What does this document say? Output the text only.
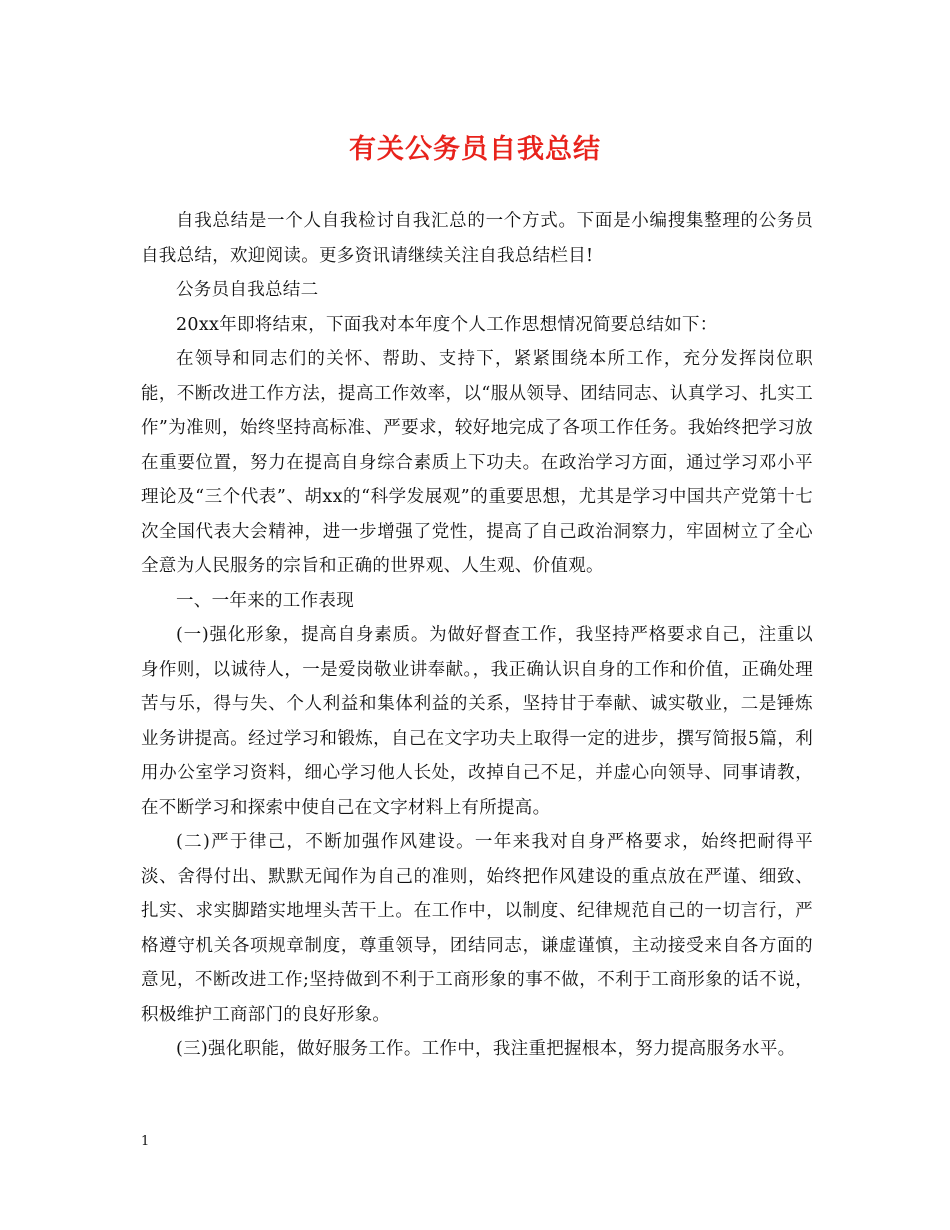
有关公务员自我总结

自我总结是一个人自我检讨自我汇总的一个方式。下面是小编搜集整理的公务员自我总结，欢迎阅读。更多资讯请继续关注自我总结栏目!

公务员自我总结二

20xx年即将结束，下面我对本年度个人工作思想情况简要总结如下：

在领导和同志们的关怀、帮助、支持下，紧紧围绕本所工作，充分发挥岗位职能，不断改进工作方法，提高工作效率，以“服从领导、团结同志、认真学习、扎实工作”为准则，始终坚持高标准、严要求，较好地完成了各项工作任务。我始终把学习放在重要位置，努力在提高自身综合素质上下功夫。在政治学习方面，通过学习邓小平理论及“三个代表”、胡xx的“科学发展观”的重要思想，尤其是学习中国共产党第十七次全国代表大会精神，进一步增强了党性，提高了自己政治洞察力，牢固树立了全心全意为人民服务的宗旨和正确的世界观、人生观、价值观。

一、一年来的工作表现

(一)强化形象，提高自身素质。为做好督查工作，我坚持严格要求自己，注重以身作则，以诚待人，一是爱岗敬业讲奉献。，我正确认识自身的工作和价值，正确处理苦与乐，得与失、个人利益和集体利益的关系，坚持甘于奉献、诚实敬业，二是锤炼业务讲提高。经过学习和锻炼，自己在文字功夫上取得一定的进步，撰写简报5篇，利用办公室学习资料，细心学习他人长处，改掉自己不足，并虚心向领导、同事请教，在不断学习和探索中使自己在文字材料上有所提高。

(二)严于律己，不断加强作风建设。一年来我对自身严格要求，始终把耐得平淡、舍得付出、默默无闻作为自己的准则，始终把作风建设的重点放在严谨、细致、扎实、求实脚踏实地埋头苦干上。在工作中，以制度、纪律规范自己的一切言行，严格遵守机关各项规章制度，尊重领导，团结同志，谦虚谨慎，主动接受来自各方面的意见，不断改进工作;坚持做到不利于工商形象的事不做，不利于工商形象的话不说，积极维护工商部门的良好形象。

(三)强化职能，做好服务工作。工作中，我注重把握根本，努力提高服务水平。

1
